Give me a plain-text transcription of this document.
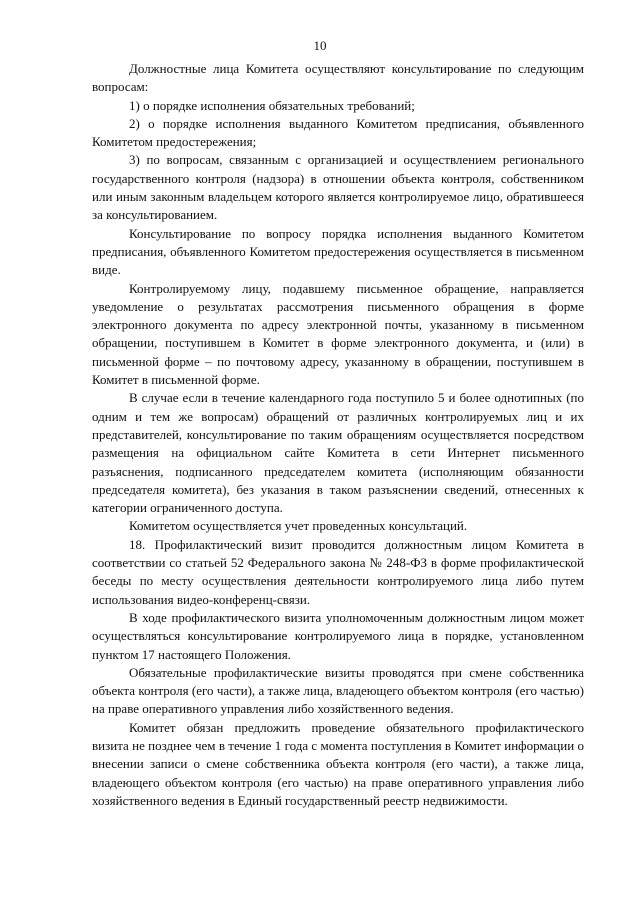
10

Должностные лица Комитета осуществляют консультирование по следующим вопросам:

1) о порядке исполнения обязательных требований;

2) о порядке исполнения выданного Комитетом предписания, объявленного Комитетом предостережения;

3) по вопросам, связанным с организацией и осуществлением регионального государственного контроля (надзора) в отношении объекта контроля, собственником или иным законным владельцем которого является контролируемое лицо, обратившееся за консультированием.

Консультирование по вопросу порядка исполнения выданного Комитетом предписания, объявленного Комитетом предостережения осуществляется в письменном виде.

Контролируемому лицу, подавшему письменное обращение, направляется уведомление о результатах рассмотрения письменного обращения в форме электронного документа по адресу электронной почты, указанному в письменном обращении, поступившем в Комитет в форме электронного документа, и (или) в письменной форме – по почтовому адресу, указанному в обращении, поступившем в Комитет в письменной форме.

В случае если в течение календарного года поступило 5 и более однотипных (по одним и тем же вопросам) обращений от различных контролируемых лиц и их представителей, консультирование по таким обращениям осуществляется посредством размещения на официальном сайте Комитета в сети Интернет письменного разъяснения, подписанного председателем комитета (исполняющим обязанности председателя комитета), без указания в таком разъяснении сведений, отнесенных к категории ограниченного доступа.

Комитетом осуществляется учет проведенных консультаций.

18. Профилактический визит проводится должностным лицом Комитета в соответствии со статьей 52 Федерального закона № 248-ФЗ в форме профилактической беседы по месту осуществления деятельности контролируемого лица либо путем использования видео-конференц-связи.

В ходе профилактического визита уполномоченным должностным лицом может осуществляться консультирование контролируемого лица в порядке, установленном пунктом 17 настоящего Положения.

Обязательные профилактические визиты проводятся при смене собственника объекта контроля (его части), а также лица, владеющего объектом контроля (его частью) на праве оперативного управления либо хозяйственного ведения.

Комитет обязан предложить проведение обязательного профилактического визита не позднее чем в течение 1 года с момента поступления в Комитет информации о внесении записи о смене собственника объекта контроля (его части), а также лица, владеющего объектом контроля (его частью) на праве оперативного управления либо хозяйственного ведения в Единый государственный реестр недвижимости.
